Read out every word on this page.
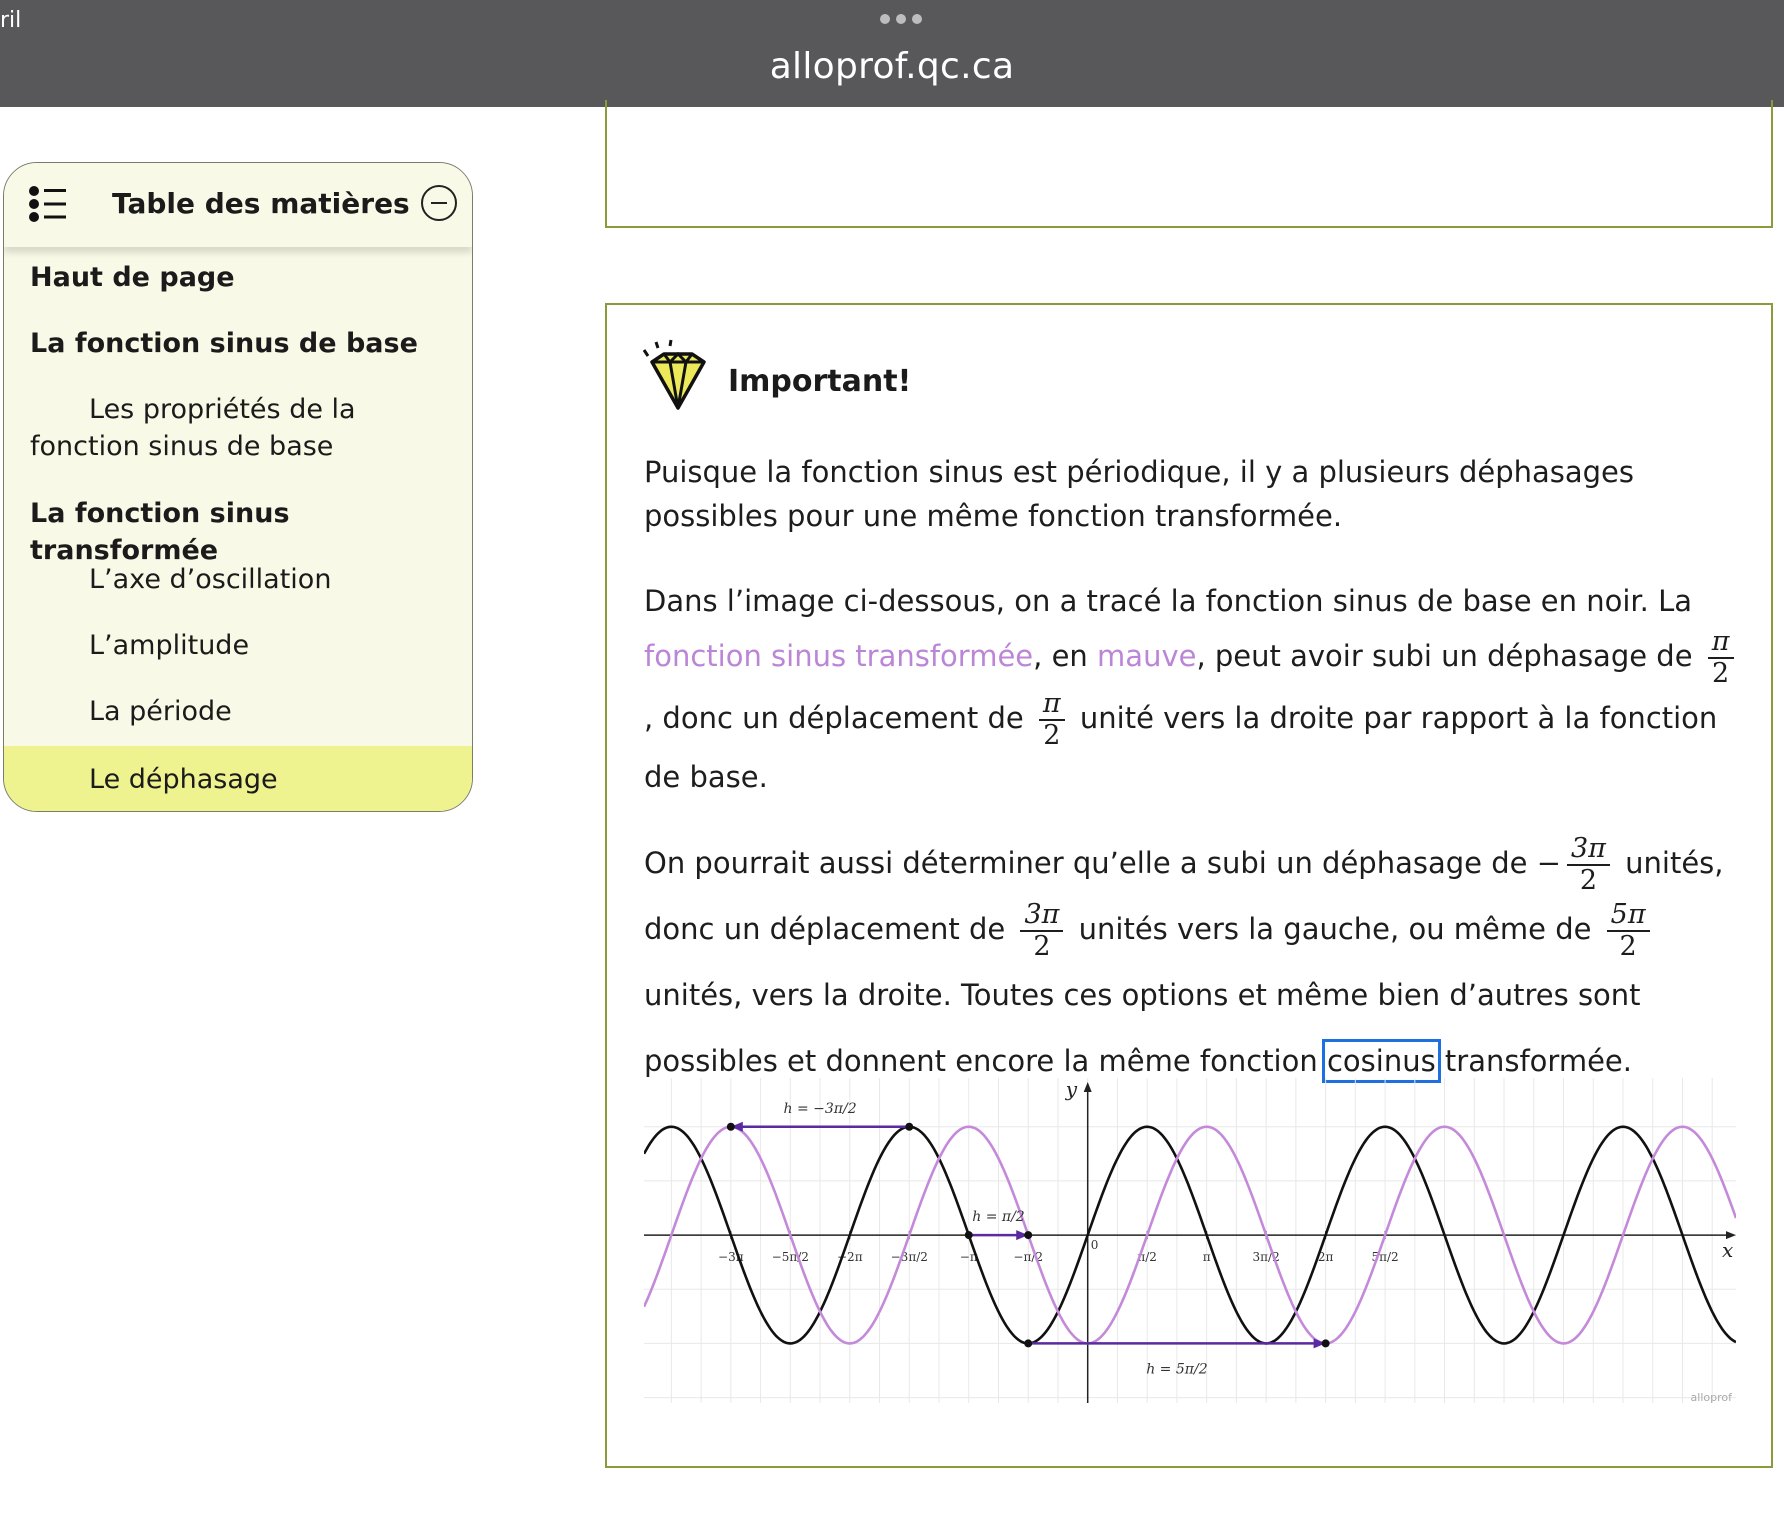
ril
alloprof.qc.ca
Table des matières
Haut de page
La fonction sinus de base
Les propriétés de la fonction sinus de base
La fonction sinus transformée
L’axe d’oscillation
L’amplitude
La période
Le déphasage
Important!
Puisque la fonction sinus est périodique, il y a plusieurs déphasages possibles pour une même fonction transformée.
Dans l’image ci-dessous, on a tracé la fonction sinus de base en noir. La fonction sinus transformée, en mauve, peut avoir subi un déphasage de $\frac{\pi}{2}$
, donc un déplacement de $\frac{\pi}{2}$ unité vers la droite par rapport à la fonction de base.
On pourrait aussi déterminer qu’elle a subi un déphasage de − $\frac{3\pi}{2}$ unités, donc un déplacement de $\frac{3\pi}{2}$ unités vers la gauche, ou même de $\frac{5\pi}{2}$
unités, vers la droite. Toutes ces options et même bien d’autres sont possibles et donnent encore la même fonction cosinus transformée.
x
y
0
−3π −5π/2 −2π −3π/2	−π	−π/2	π/2	π	3π/2	2π	5π/2
h = −3π/2
h = π/2
h = 5π/2
alloprof
